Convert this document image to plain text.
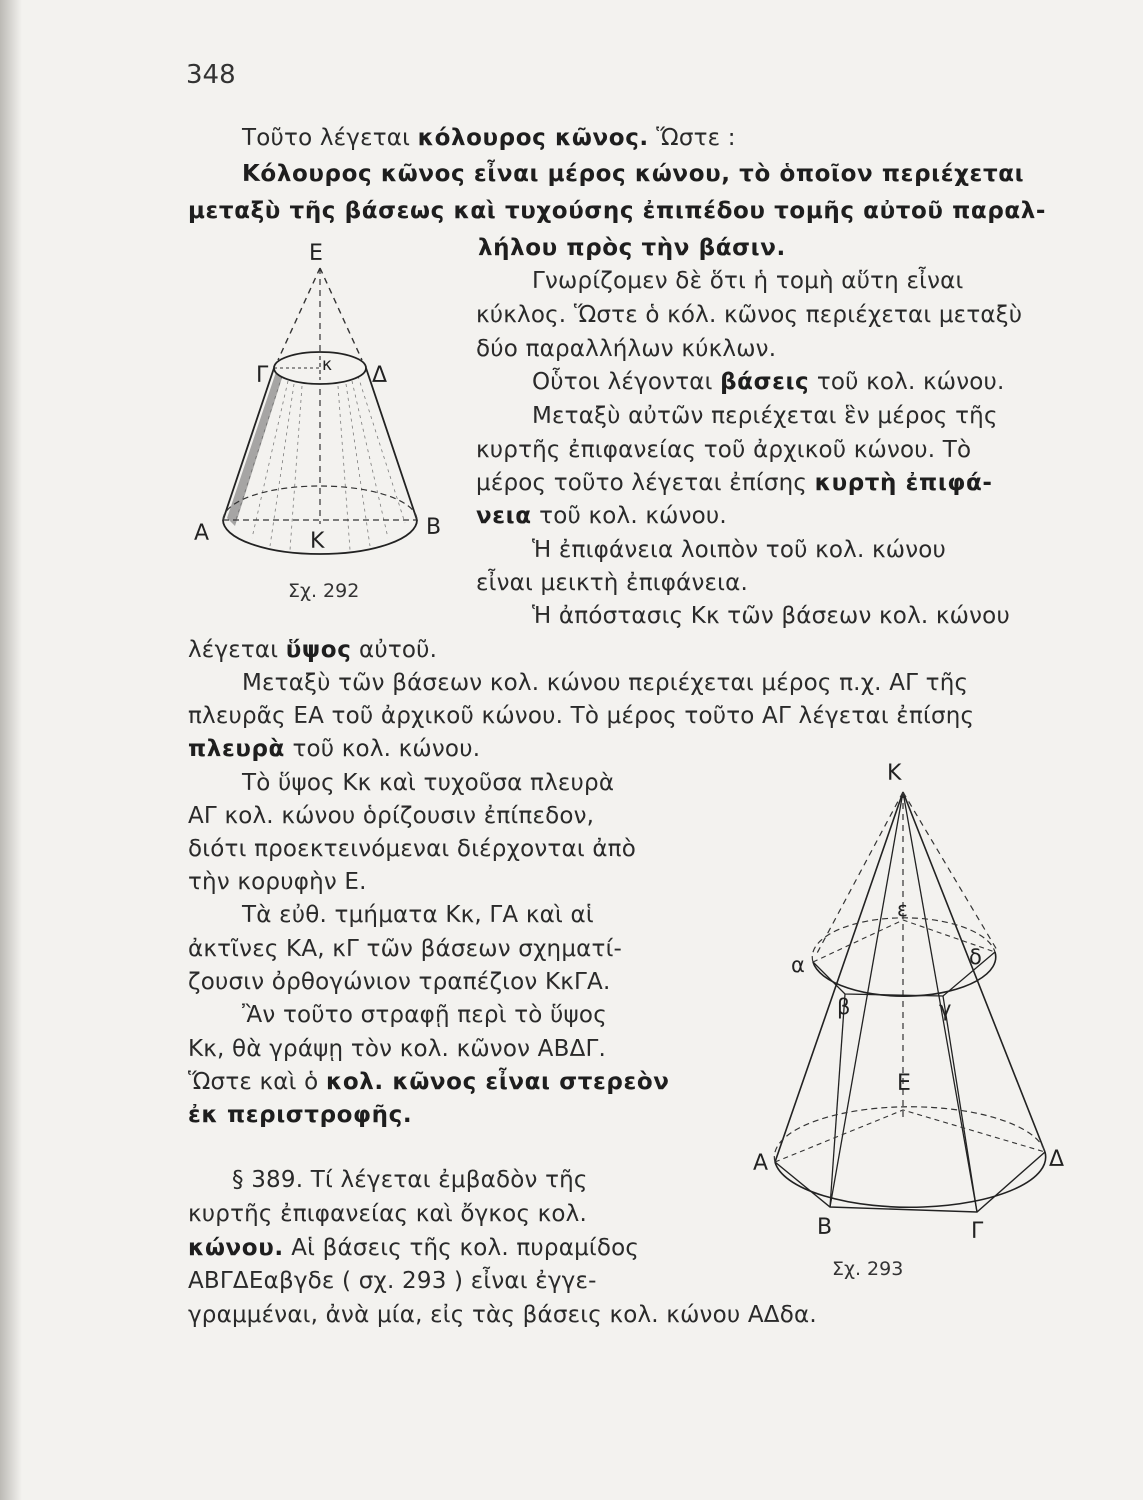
348
Τοῦτο λέγεται κόλουρος κῶνος. Ὥστε :
Κόλουρος κῶνος εἶναι μέρος κώνου, τὸ ὁποῖον περιέχεται
μεταξὺ τῆς βάσεως καὶ τυχούσης ἐπιπέδου τομῆς αὐτοῦ παραλ-
λήλου πρὸς τὴν βάσιν.
Ε
Γ	Δ
κ
Α	Κ
Β
Σχ. 292
Γνωρίζομεν δὲ ὅτι ἡ τομὴ αὕτη εἶναι
κύκλος. Ὥστε ὁ κόλ. κῶνος περιέχεται μεταξὺ
δύο παραλλήλων κύκλων.
Οὗτοι λέγονται βάσεις τοῦ κολ. κώνου.
Μεταξὺ αὐτῶν περιέχεται ἓν μέρος τῆς
κυρτῆς ἐπιφανείας τοῦ ἀρχικοῦ κώνου. Τὸ
μέρος τοῦτο λέγεται ἐπίσης κυρτὴ ἐπιφά-
νεια τοῦ κολ. κώνου.
Ἡ ἐπιφάνεια λοιπὸν τοῦ κολ. κώνου
εἶναι μεικτὴ ἐπιφάνεια.
Ἡ ἀπόστασις Κκ τῶν βάσεων κολ. κώνου
λέγεται ὕψος αὐτοῦ.
Μεταξὺ τῶν βάσεων κολ. κώνου περιέχεται μέρος π.χ. ΑΓ τῆς
πλευρᾶς ΕΑ τοῦ ἀρχικοῦ κώνου. Τὸ μέρος τοῦτο ΑΓ λέγεται ἐπίσης
πλευρὰ τοῦ κολ. κώνου.
Τὸ ὕψος Κκ καὶ τυχοῦσα πλευρὰ
ΑΓ κολ. κώνου ὁρίζουσιν ἐπίπεδον,
διότι προεκτεινόμεναι διέρχονται ἀπὸ
τὴν κορυφὴν Ε.
Τὰ εὐθ. τμήματα Κκ, ΓΑ καὶ αἱ
ἀκτῖνες ΚΑ, κΓ τῶν βάσεων σχηματί-
ζουσιν ὀρθογώνιον τραπέζιον ΚκΓΑ.
Ἂν τοῦτο στραφῇ περὶ τὸ ὕψος
Κκ, θὰ γράψῃ τὸν κολ. κῶνον ΑΒΔΓ.
Ὥστε καὶ ὁ κολ. κῶνος εἶναι στερεὸν
ἐκ περιστροφῆς.
§ 389. Τί λέγεται ἐμβαδὸν τῆς
κυρτῆς ἐπιφανείας καὶ ὄγκος κολ.
κώνου. Αἱ βάσεις τῆς κολ. πυραμίδος
ΑΒΓΔΕαβγδε ( σχ. 293 ) εἶναι ἐγγε-
γραμμέναι, ἀνὰ μία, εἰς τὰς βάσεις κολ. κώνου ΑΔδα.
Κ
ε
α	δ
β	γ
Ε
Α	Δ
Β	Γ
Σχ. 293
